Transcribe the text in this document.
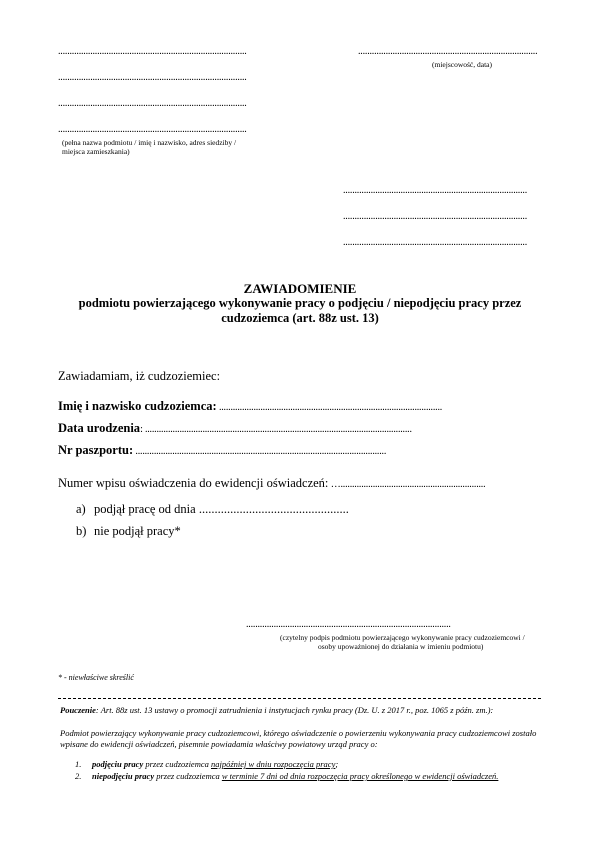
..................................................................................
..................................................................................
..................................................................................
..................................................................................
(pełna nazwa podmiotu / imię i nazwisko, adres siedziby /
miejsca zamieszkania)
..............................................................................
(miejscowość, data)
................................................................................
................................................................................
................................................................................
ZAWIADOMIENIE
podmiotu powierzającego wykonywanie pracy o podjęciu / niepodjęciu pracy przez cudzoziemca (art. 88z ust. 13)
Zawiadamiam, iż cudzoziemiec:
Imię i nazwisko cudzoziemca: .................................................................................................
Data urodzenia: ....................................................................................................................
Nr paszportu: .............................................................................................................
Numer wpisu oświadczenia do ewidencji oświadczeń: …...............................................................
a) podjął pracę od dnia ................................................
b) nie podjął pracy*
.........................................................................................
(czytelny podpis podmiotu powierzającego wykonywanie pracy cudzoziemcowi /
osoby upoważnionej do działania w imieniu podmiotu)
* - niewłaściwe skreślić
Pouczenie: Art. 88z ust. 13 ustawy o promocji zatrudnienia i instytucjach rynku pracy (Dz. U. z 2017 r., poz. 1065 z późn. zm.):
Podmiot powierzający wykonywanie pracy cudzoziemcowi, którego oświadczenie o powierzeniu wykonywania pracy cudzoziemcowi zostało wpisane do ewidencji oświadczeń, pisemnie powiadamia właściwy powiatowy urząd pracy o:
1. podjęciu pracy przez cudzoziemca najpóźniej w dniu rozpoczęcia pracy;
2. niepodjęciu pracy przez cudzoziemca w terminie 7 dni od dnia rozpoczęcia pracy określonego w ewidencji oświadczeń.
